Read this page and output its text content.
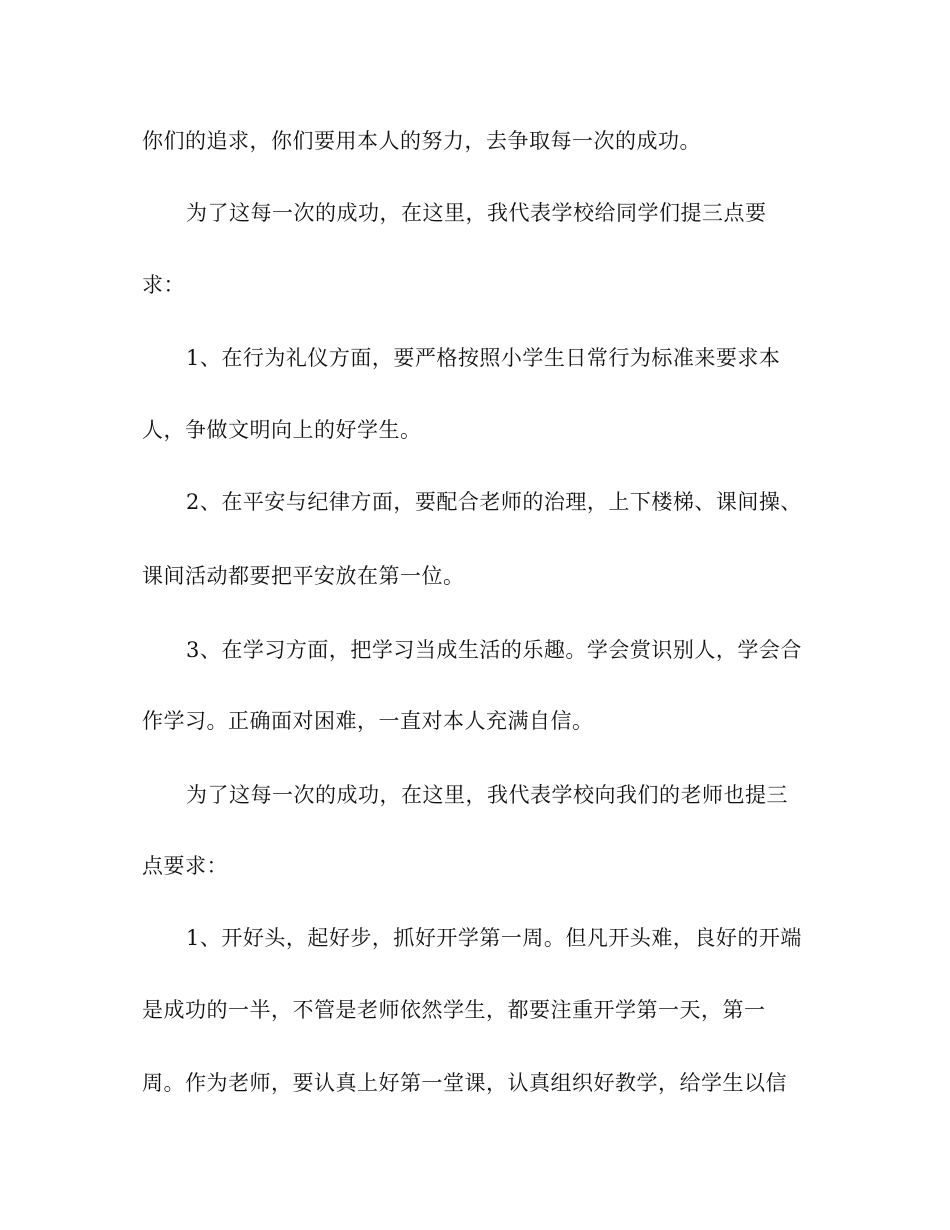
你们的追求，你们要用本人的努力，去争取每一次的成功。
为了这每一次的成功，在这里，我代表学校给同学们提三点要
求：
1、在行为礼仪方面，要严格按照小学生日常行为标准来要求本
人，争做文明向上的好学生。
2、在平安与纪律方面，要配合老师的治理，上下楼梯、课间操、
课间活动都要把平安放在第一位。
3、在学习方面，把学习当成生活的乐趣。学会赏识别人，学会合
作学习。正确面对困难，一直对本人充满自信。
为了这每一次的成功，在这里，我代表学校向我们的老师也提三
点要求：
1、开好头，起好步，抓好开学第一周。但凡开头难，良好的开端
是成功的一半，不管是老师依然学生，都要注重开学第一天，第一
周。作为老师，要认真上好第一堂课，认真组织好教学，给学生以信
